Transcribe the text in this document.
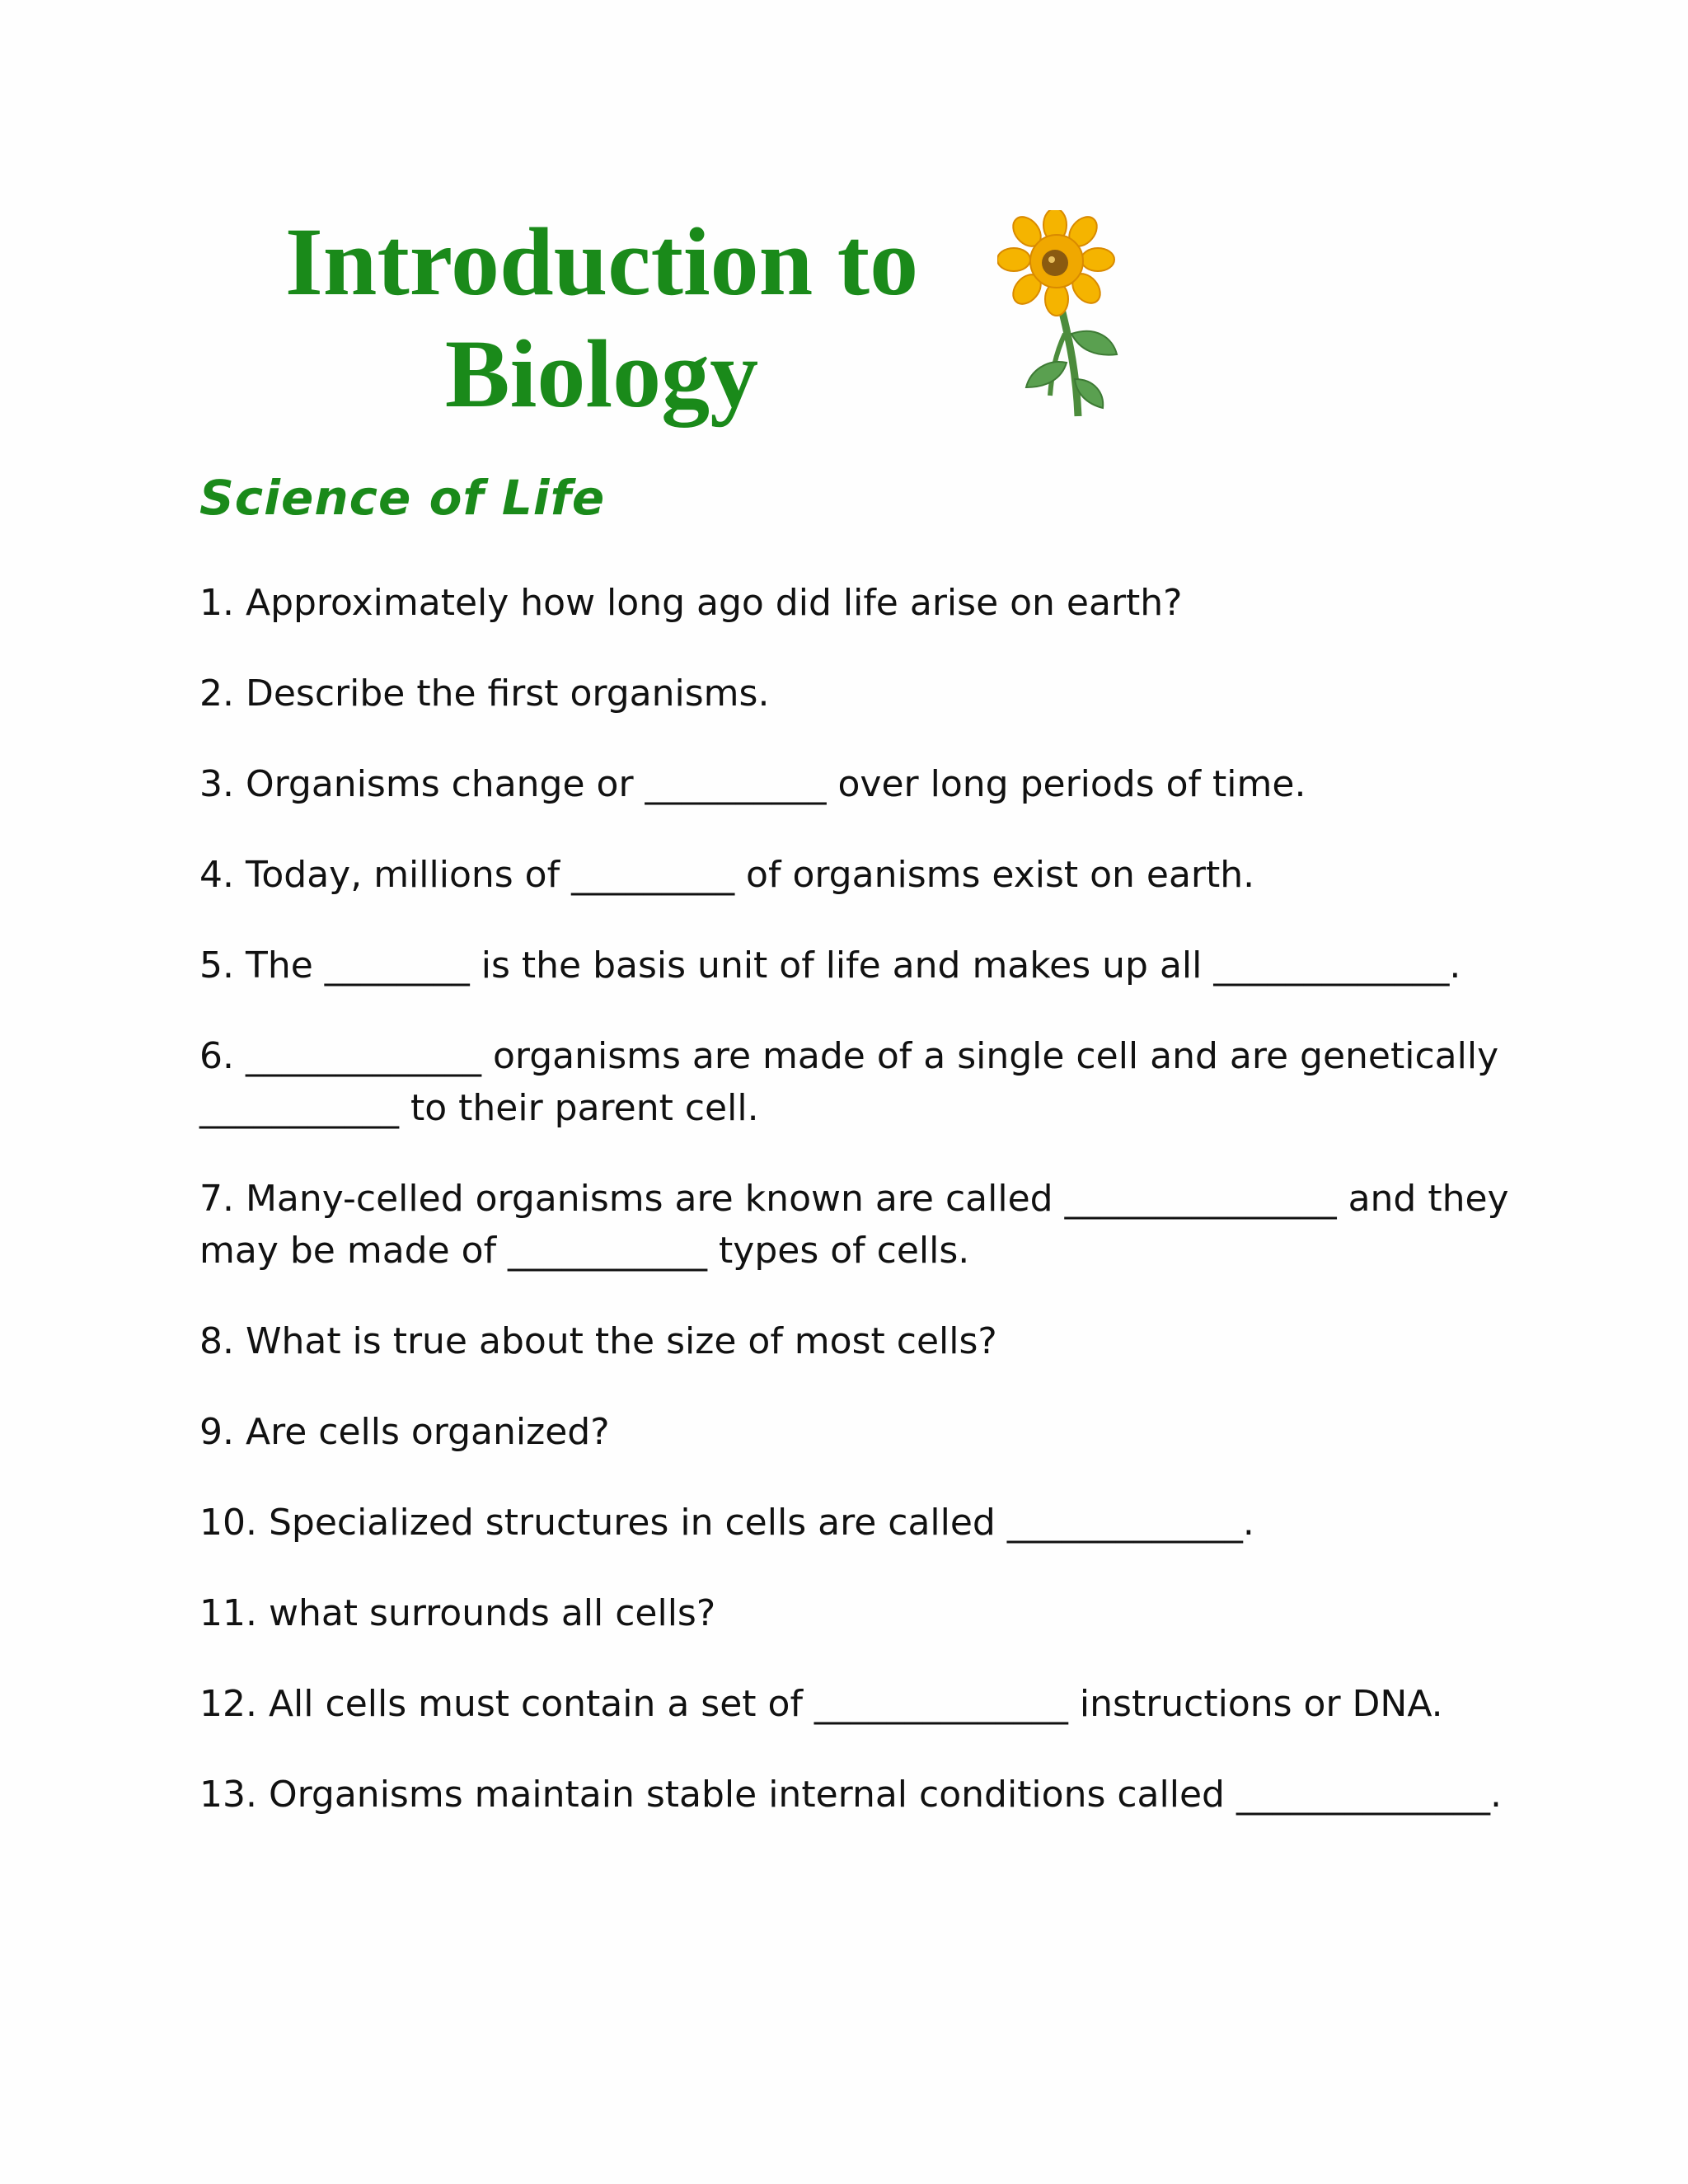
Introduction to
Biology
Science of Life
1. Approximately how long ago did life arise on earth?
2. Describe the first organisms.
3. Organisms change or __________ over long periods of time.
4. Today, millions of _________ of organisms exist on earth.
5. The ________ is the basis unit of life and makes up all _____________.
6. _____________ organisms are made of a single cell and are genetically ___________ to their parent cell.
7. Many-celled organisms are known are called _______________ and they may be made of ___________ types of cells.
8. What is true about the size of most cells?
9. Are cells organized?
10. Specialized structures in cells are called _____________.
11. what surrounds all cells?
12. All cells must contain a set of ______________ instructions or DNA.
13. Organisms maintain stable internal conditions called ______________.
